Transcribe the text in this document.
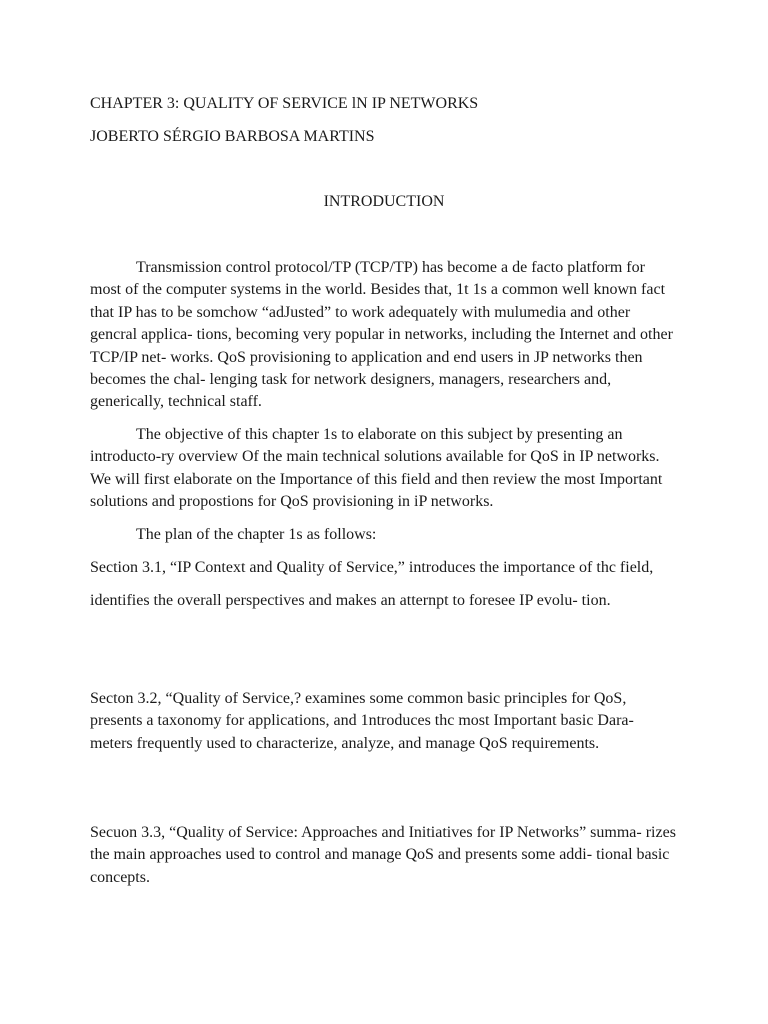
CHAPTER 3: QUALITY OF SERVICE lN IP NETWORKS
JOBERTO SÉRGIO BARBOSA MARTINS
INTRODUCTION
Transmission control protocol/TP (TCP/TP) has become a de facto platform for most of the computer systems in the world. Besides that, 1t 1s a common well known fact that IP has to be somchow “adJusted” to work adequately with mulumedia and other gencral applica- tions, becoming very popular in networks, including the Internet and other TCP/IP net- works. QoS provisioning to application and end users in JP networks then becomes the chal- lenging task for network designers, managers, researchers and, generically, technical staff.
The objective of this chapter 1s to elaborate on this subject by presenting an introducto-ry overview Of the main technical solutions available for QoS in IP networks. We will first elaborate on the Importance of this field and then review the most Important solutions and propostions for QoS provisioning in iP networks.
The plan of the chapter 1s as follows:
Section 3.1, “IP Context and Quality of Service,” introduces the importance of thc field, identifies the overall perspectives and makes an atternpt to foresee IP evolu- tion.
Secton 3.2, “Quality of Service,? examines some common basic principles for QoS, presents a taxonomy for applications, and 1ntroduces thc most Important basic Dara- meters frequently used to characterize, analyze, and manage QoS requirements.
Secuon 3.3, “Quality of Service: Approaches and Initiatives for IP Networks” summa- rizes the main approaches used to control and manage QoS and presents some addi- tional basic concepts.
